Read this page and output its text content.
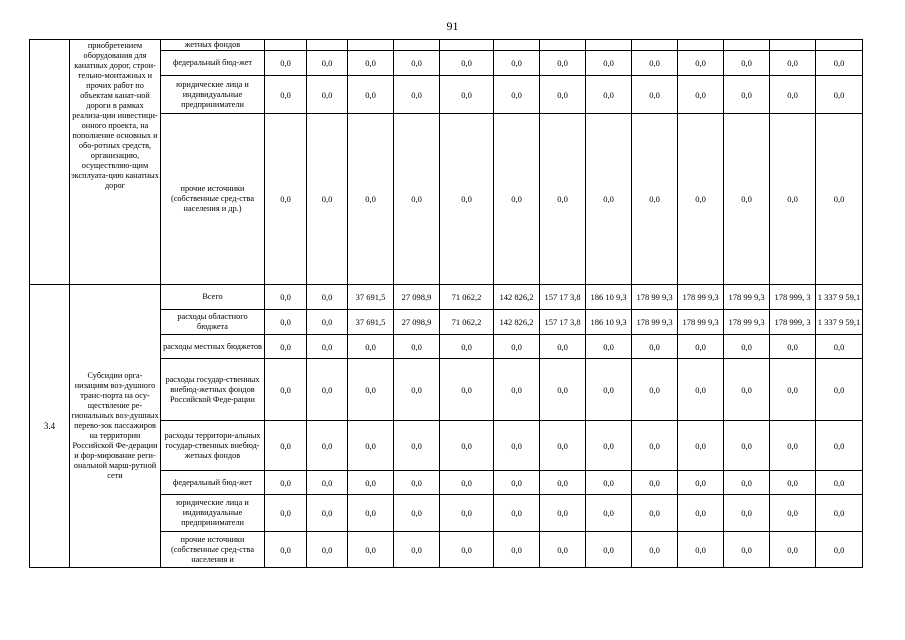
91
	приобретением оборудования для канатных дорог, строи-тельно-монтажных и прочих работ по объектам канат-ной дороги в рамках реализа-ции инвестици-онного проекта, на пополнение основных и обо-ротных средств, организацию, осуществляю-щим эксплуата-цию канатных дорог	жетных фондов													
		федеральный бюд-жет	0,0	0,0	0,0	0,0	0,0	0,0	0,0	0,0	0,0	0,0	0,0	0,0	0,0
		юридические лица и индивидуальные предприниматели	0,0	0,0	0,0	0,0	0,0	0,0	0,0	0,0	0,0	0,0	0,0	0,0	0,0
		прочие источники (собственные сред-ства населения и др.)	0,0	0,0	0,0	0,0	0,0	0,0	0,0	0,0	0,0	0,0	0,0	0,0	0,0
3.4	Субсидии орга-низациям воз-душного транс-порта на осу-ществление ре-гиональных воз-душных перево-зок пассажиров на территории Российской Фе-дерации и фор-мирование реги-ональной марш-рутной сети	Всего	0,0	0,0	37 691,5	27 098,9	71 062,2	142 826,2	157 17 3,8	186 10 9,3	178 99 9,3	178 99 9,3	178 99 9,3	178 999, 3	1 337 9 59,1
		расходы областного бюджета	0,0	0,0	37 691,5	27 098,9	71 062,2	142 826,2	157 17 3,8	186 10 9,3	178 99 9,3	178 99 9,3	178 99 9,3	178 999, 3	1 337 9 59,1
		расходы местных бюджетов	0,0	0,0	0,0	0,0	0,0	0,0	0,0	0,0	0,0	0,0	0,0	0,0	0,0
		расходы государ-ственных внебюд-жетных фондов Российской Феде-рации	0,0	0,0	0,0	0,0	0,0	0,0	0,0	0,0	0,0	0,0	0,0	0,0	0,0
		расходы территори-альных государ-ственных внебюд-жетных фондов	0,0	0,0	0,0	0,0	0,0	0,0	0,0	0,0	0,0	0,0	0,0	0,0	0,0
		федеральный бюд-жет	0,0	0,0	0,0	0,0	0,0	0,0	0,0	0,0	0,0	0,0	0,0	0,0	0,0
		юридические лица и индивидуальные предприниматели	0,0	0,0	0,0	0,0	0,0	0,0	0,0	0,0	0,0	0,0	0,0	0,0	0,0
		прочие источники (собственные сред-ства населения и	0,0	0,0	0,0	0,0	0,0	0,0	0,0	0,0	0,0	0,0	0,0	0,0	0,0
